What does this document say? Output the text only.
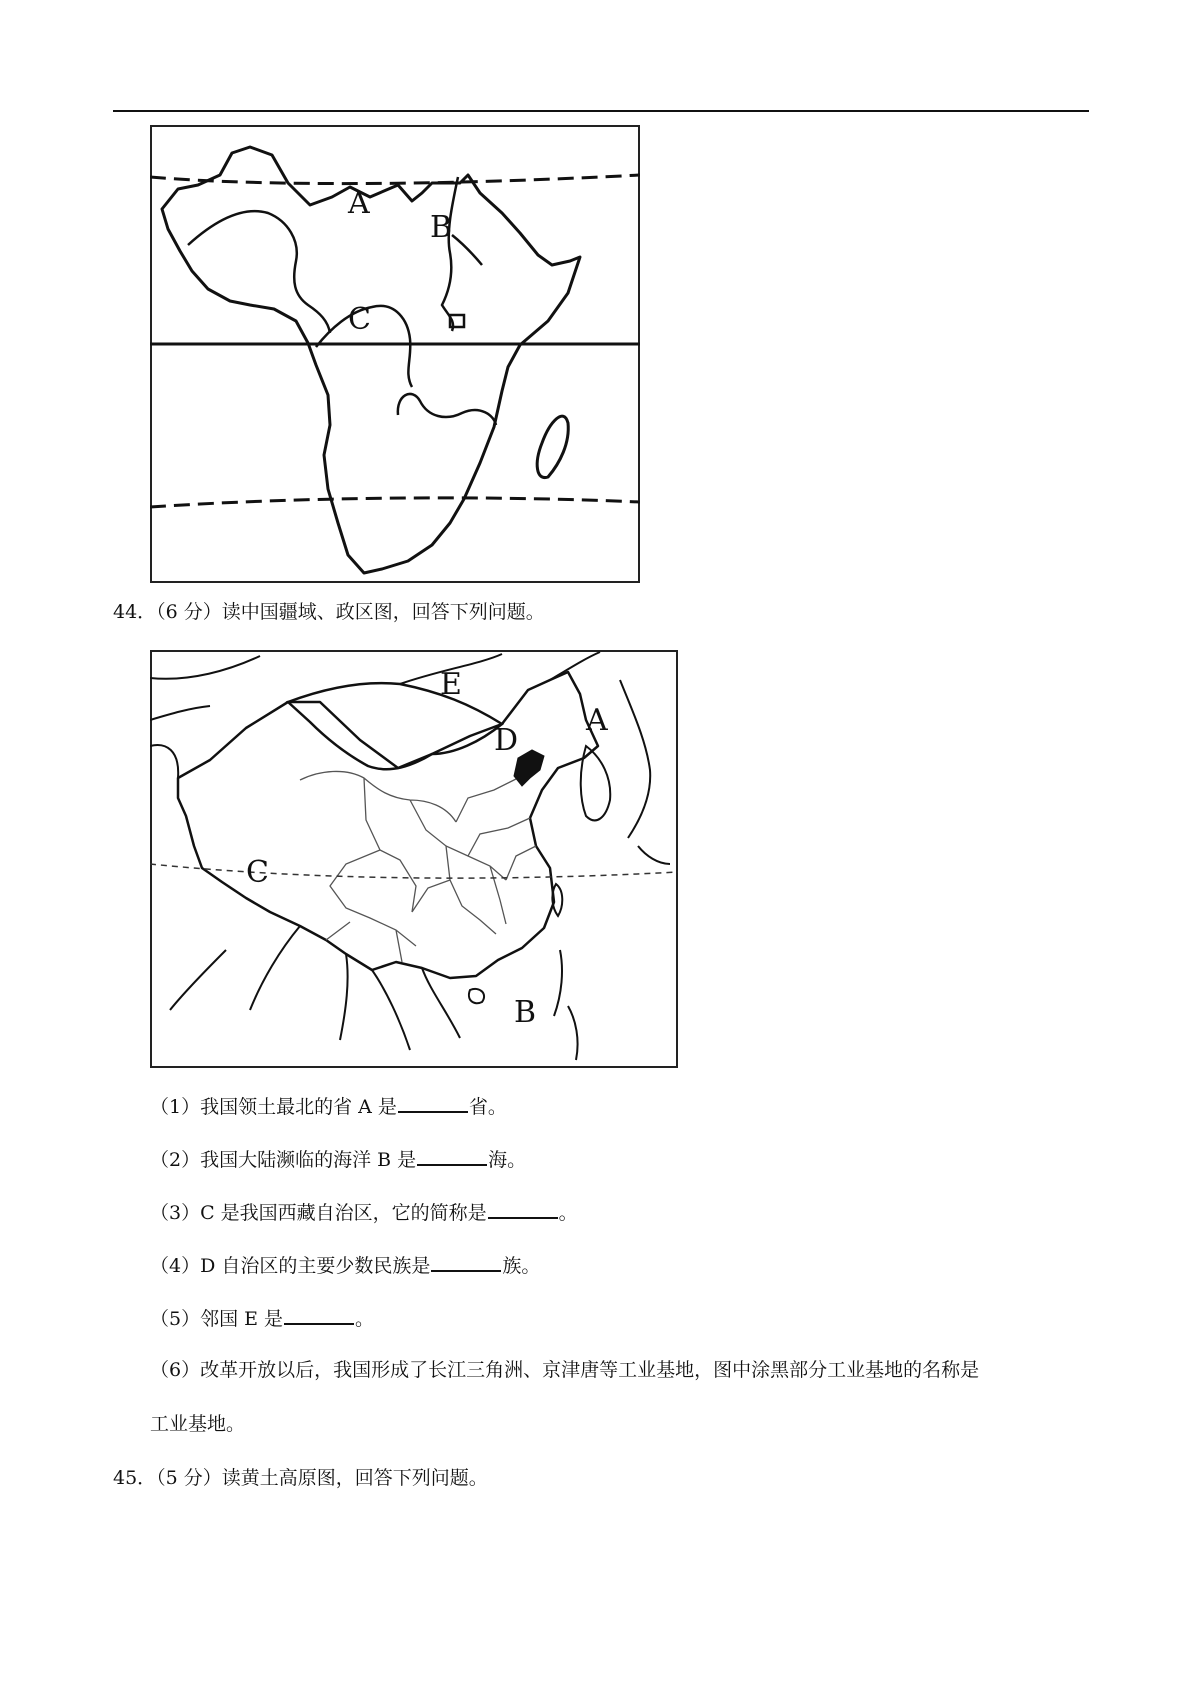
A
B
C
44．（6 分）读中国疆域、政区图，回答下列问题。
E
A
D
C
B
（1）我国领土最北的省 A 是	省。
（2）我国大陆濒临的海洋 B 是	海。
（3）C 是我国西藏自治区，它的简称是	。
（4）D 自治区的主要少数民族是	族。
（5）邻国 E 是	。
（6）改革开放以后，我国形成了长江三角洲、京津唐等工业基地，图中涂黑部分工业基地的名称是
工业基地。
45．（5 分）读黄土高原图，回答下列问题。
